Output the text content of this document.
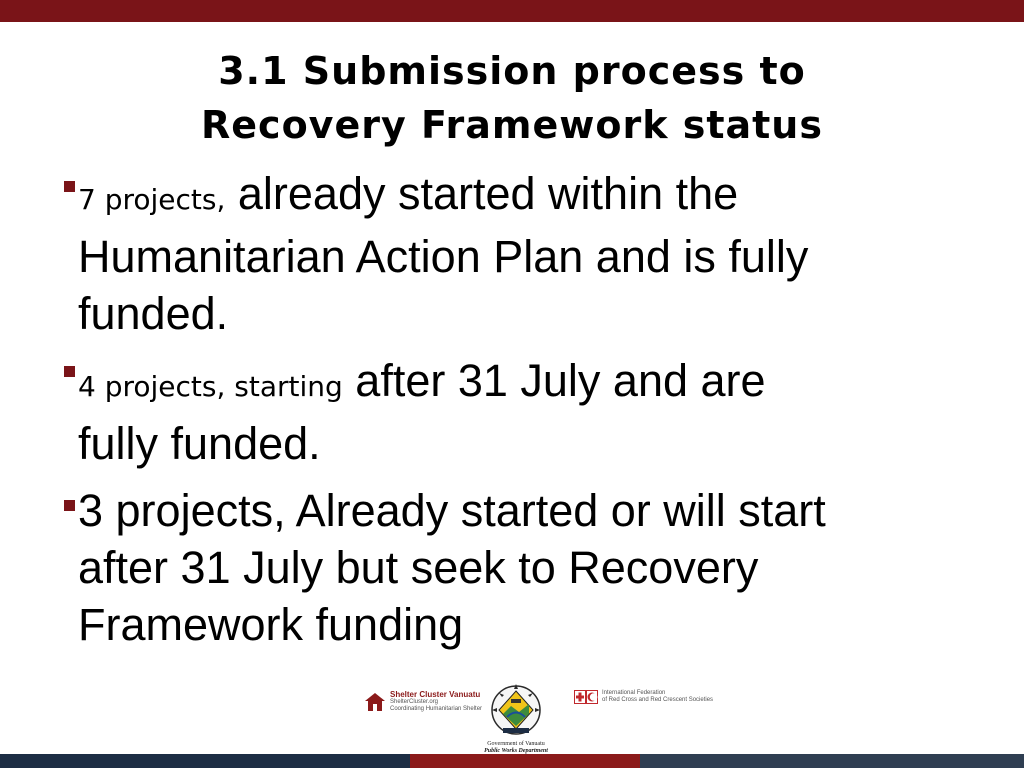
3.1 Submission process to
Recovery Framework status
7 projects, already started within the
Humanitarian Action Plan and is fully
funded.
4 projects, starting after 31 July and are
fully funded.
3 projects, Already started or will start
after 31 July but seek to Recovery
Framework funding
Shelter Cluster Vanuatu
ShelterCluster.org
Coordinating Humanitarian Shelter
Government of Vanuatu
Public Works Department
International Federation
of Red Cross and Red Crescent Societies
